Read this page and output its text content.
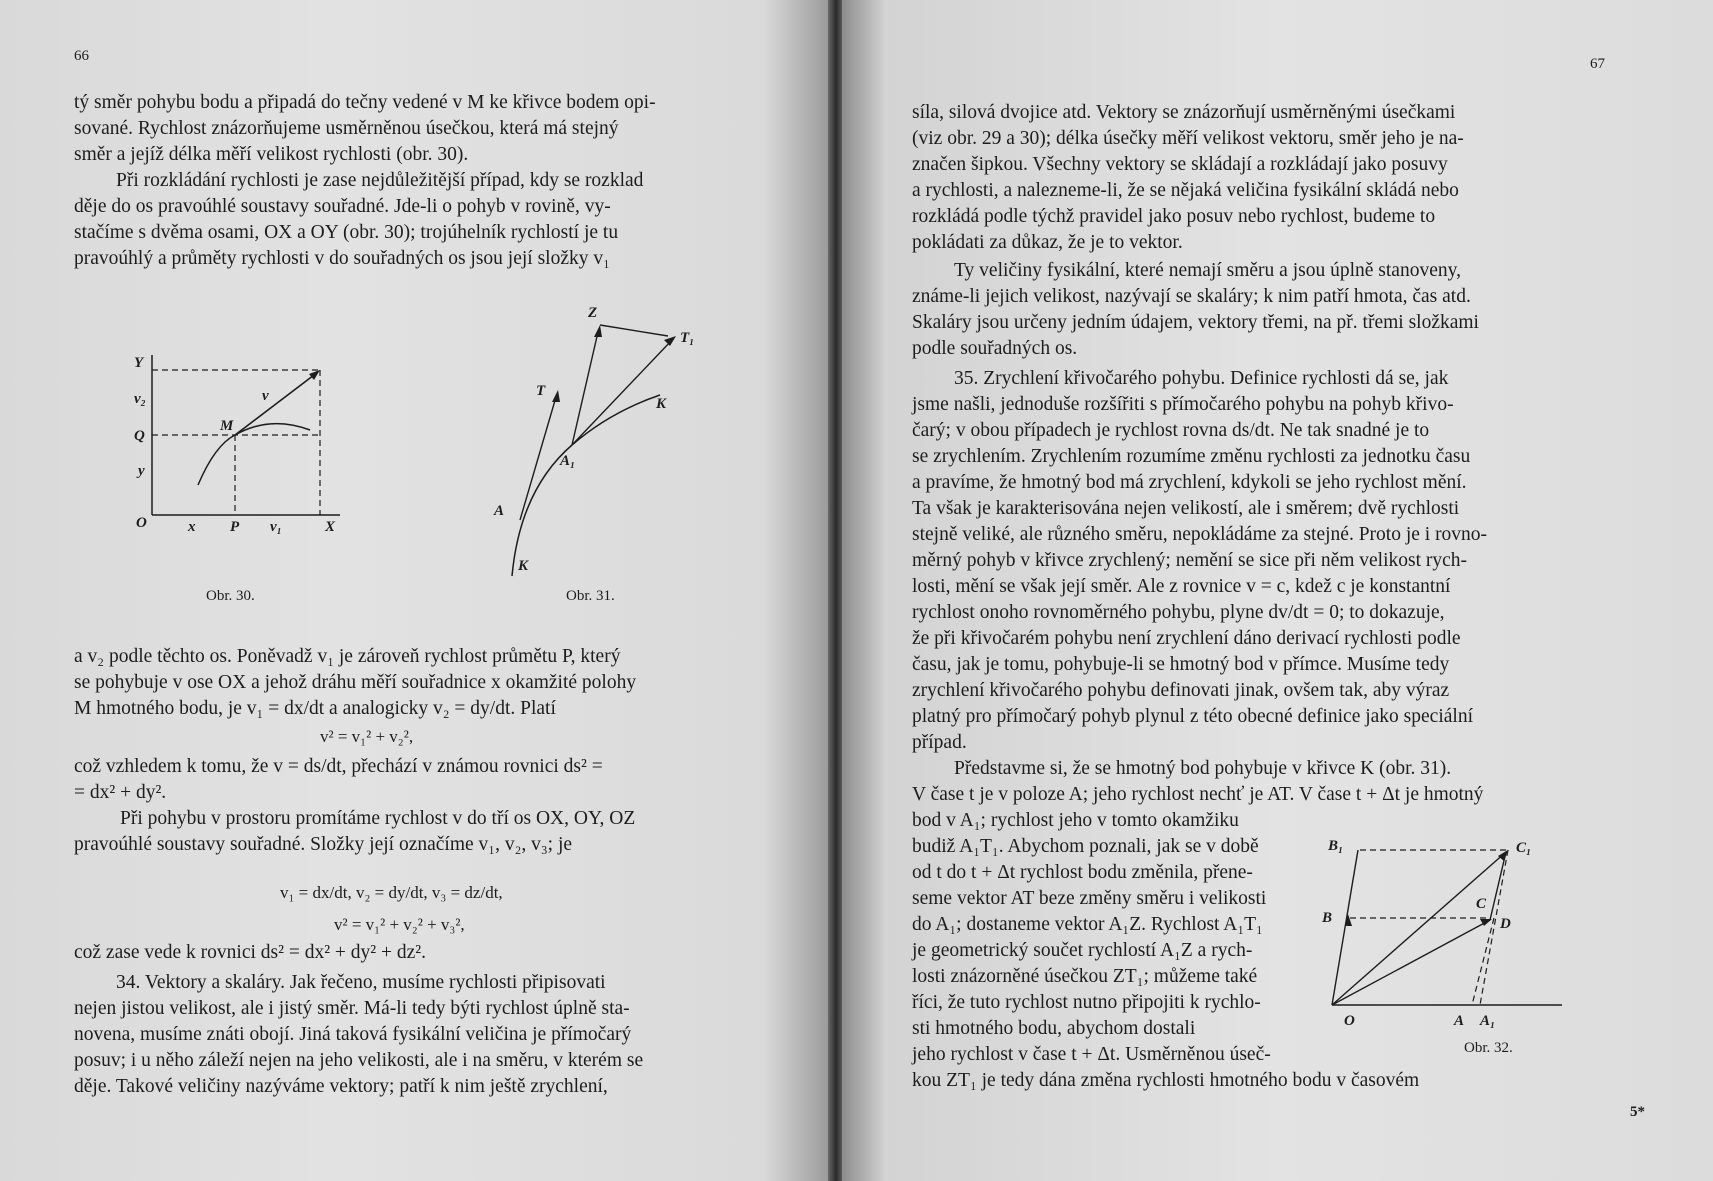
66

tý směr pohybu bodu a připadá do tečny vedené v M ke křivce bodem opi-

sované. Rychlost znázorňujeme usměrněnou úsečkou, která má stejný

směr a jejíž délka měří velikost rychlosti (obr. 30).

Při rozkládání rychlosti je zase nejdůležitější případ, kdy se rozklad

děje do os pravoúhlé soustavy souřadné. Jde-li o pohyb v rovině, vy-

stačíme s dvěma osami, OX a OY (obr. 30); trojúhelník rychlostí je tu

pravoúhlý a průměty rychlosti v do souřadných os jsou její složky v₁

Y
v₂
Q
y
O	x P v₁	X
M
v
Obr. 30.
Z
T₁
T
K
A₁
A
K
Obr. 31.

a v₂ podle těchto os. Poněvadž v₁ je zároveň rychlost průmětu P, který

se pohybuje v ose OX a jehož dráhu měří souřadnice x okamžité polohy

M hmotného bodu, je v₁ = dx/dt a analogicky v₂ = dy/dt. Platí

v² = v₁² + v₂²,

což vzhledem k tomu, že v = ds/dt, přechází v známou rovnici ds² =

= dx² + dy².

Při pohybu v prostoru promítáme rychlost v do tří os OX, OY, OZ

pravoúhlé soustavy souřadné. Složky její označíme v₁, v₂, v₃; je

v₁ = dx/dt, v₂ = dy/dt, v₃ = dz/dt,

v² = v₁² + v₂² + v₃²,

což zase vede k rovnici ds² = dx² + dy² + dz².

34. Vektory a skaláry. Jak řečeno, musíme rychlosti připisovati

nejen jistou velikost, ale i jistý směr. Má-li tedy býti rychlost úplně sta-

novena, musíme znáti obojí. Jiná taková fysikální veličina je přímočarý

posuv; i u něho záleží nejen na jeho velikosti, ale i na směru, v kterém se

děje. Takové veličiny nazýváme vektory; patří k nim ještě zrychlení,

67

síla, silová dvojice atd. Vektory se znázorňují usměrněnými úsečkami

(viz obr. 29 a 30); délka úsečky měří velikost vektoru, směr jeho je na-

značen šipkou. Všechny vektory se skládají a rozkládají jako posuvy

a rychlosti, a nalezneme-li, že se nějaká veličina fysikální skládá nebo

rozkládá podle týchž pravidel jako posuv nebo rychlost, budeme to

pokládati za důkaz, že je to vektor.

Ty veličiny fysikální, které nemají směru a jsou úplně stanoveny,

známe-li jejich velikost, nazývají se skaláry; k nim patří hmota, čas atd.

Skaláry jsou určeny jedním údajem, vektory třemi, na př. třemi složkami

podle souřadných os.

35. Zrychlení křivočarého pohybu. Definice rychlosti dá se, jak

jsme našli, jednoduše rozšířiti s přímočarého pohybu na pohyb křivo-

čarý; v obou případech je rychlost rovna ds/dt. Ne tak snadné je to

se zrychlením. Zrychlením rozumíme změnu rychlosti za jednotku času

a pravíme, že hmotný bod má zrychlení, kdykoli se jeho rychlost mění.

Ta však je karakterisována nejen velikostí, ale i směrem; dvě rychlosti

stejně veliké, ale různého směru, nepokládáme za stejné. Proto je i rovno-

měrný pohyb v křivce zrychlený; nemění se sice při něm velikost rych-

losti, mění se však její směr. Ale z rovnice v = c, kdež c je konstantní

rychlost onoho rovnoměrného pohybu, plyne dv/dt = 0; to dokazuje,

že při křivočarém pohybu není zrychlení dáno derivací rychlosti podle

času, jak je tomu, pohybuje-li se hmotný bod v přímce. Musíme tedy

zrychlení křivočarého pohybu definovati jinak, ovšem tak, aby výraz

platný pro přímočarý pohyb plynul z této obecné definice jako speciální

případ.

Představme si, že se hmotný bod pohybuje v křivce K (obr. 31).

V čase t je v poloze A; jeho rychlost nechť je AT. V čase t + Δt je hmotný

bod v A₁; rychlost jeho v tomto okamžiku

budiž A₁T₁. Abychom poznali, jak se v době

od t do t + Δt rychlost bodu změnila, přene-

seme vektor AT beze změny směru i velikosti

do A₁; dostaneme vektor A₁Z. Rychlost A₁T₁

je geometrický součet rychlostí A₁Z a rych-

losti znázorněné úsečkou ZT₁; můžeme také

říci, že tuto rychlost nutno připojiti k rychlo-

sti hmotného bodu, abychom dostali

jeho rychlost v čase t + Δt. Usměrněnou úseč-

kou ZT₁ je tedy dána změna rychlosti hmotného bodu v časovém

B₁	C₁
B
C
D
O	A A₁
Obr. 32.
5*
